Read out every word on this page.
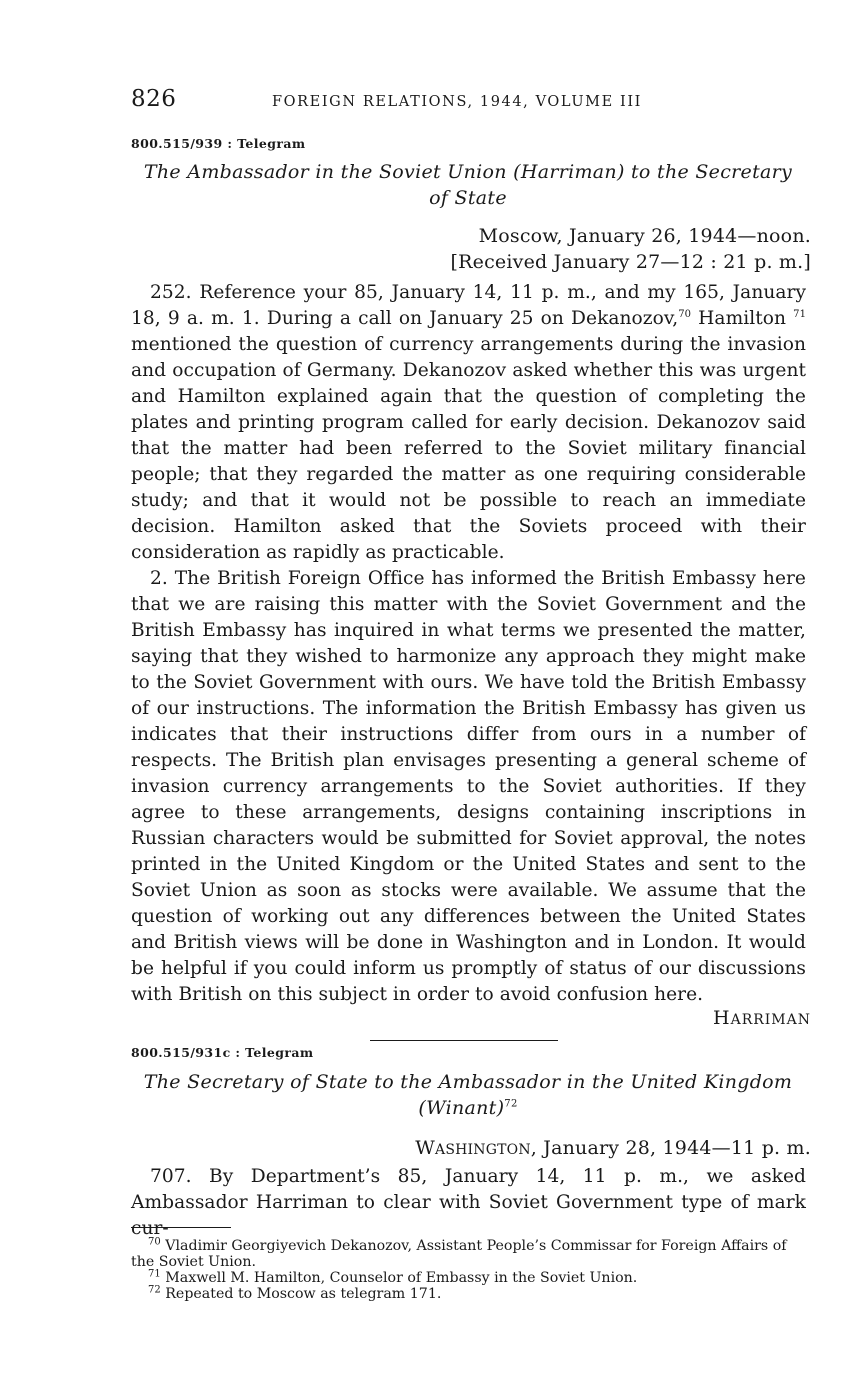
826	FOREIGN RELATIONS, 1944, VOLUME III
800.515/939 : Telegram
The Ambassador in the Soviet Union (Harriman) to the Secretary
of State
Moscow, January 26, 1944—noon.
[Received January 27—12 : 21 p. m.]

252. Reference your 85, January 14, 11 p. m., and my 165, January 18, 9 a. m. 1. During a call on January 25 on Dekanozov,$^{70}$ Hamilton $^{71}$ mentioned the question of currency arrangements during the invasion and occupation of Germany. Dekanozov asked whether this was urgent and Hamilton explained again that the question of completing the plates and printing program called for early decision. Dekanozov said that the matter had been referred to the Soviet military financial people; that they regarded the matter as one requiring considerable study; and that it would not be possible to reach an immediate decision. Hamilton asked that the Soviets proceed with their consideration as rapidly as practicable.

2. The British Foreign Office has informed the British Embassy here that we are raising this matter with the Soviet Government and the British Embassy has inquired in what terms we presented the matter, saying that they wished to harmonize any approach they might make to the Soviet Government with ours. We have told the British Embassy of our instructions. The information the British Embassy has given us indicates that their instructions differ from ours in a number of respects. The British plan envisages presenting a general scheme of invasion currency arrangements to the Soviet authorities. If they agree to these arrangements, designs containing inscriptions in Russian characters would be submitted for Soviet approval, the notes printed in the United Kingdom or the United States and sent to the Soviet Union as soon as stocks were available. We assume that the question of working out any differences between the United States and British views will be done in Washington and in London. It would be helpful if you could inform us promptly of status of our discussions with British on this subject in order to avoid confusion here.

HARRIMAN
800.515/931c : Telegram
The Secretary of State to the Ambassador in the United Kingdom
(Winant)$^{72}$
WASHINGTON, January 28, 1944—11 p. m.

707. By Department’s 85, January 14, 11 p. m., we asked Ambassador Harriman to clear with Soviet Government type of mark cur-

$^{70}$ Vladimir Georgiyevich Dekanozov, Assistant People’s Commissar for Foreign Affairs of the Soviet Union.

$^{71}$ Maxwell M. Hamilton, Counselor of Embassy in the Soviet Union.

$^{72}$ Repeated to Moscow as telegram 171.
